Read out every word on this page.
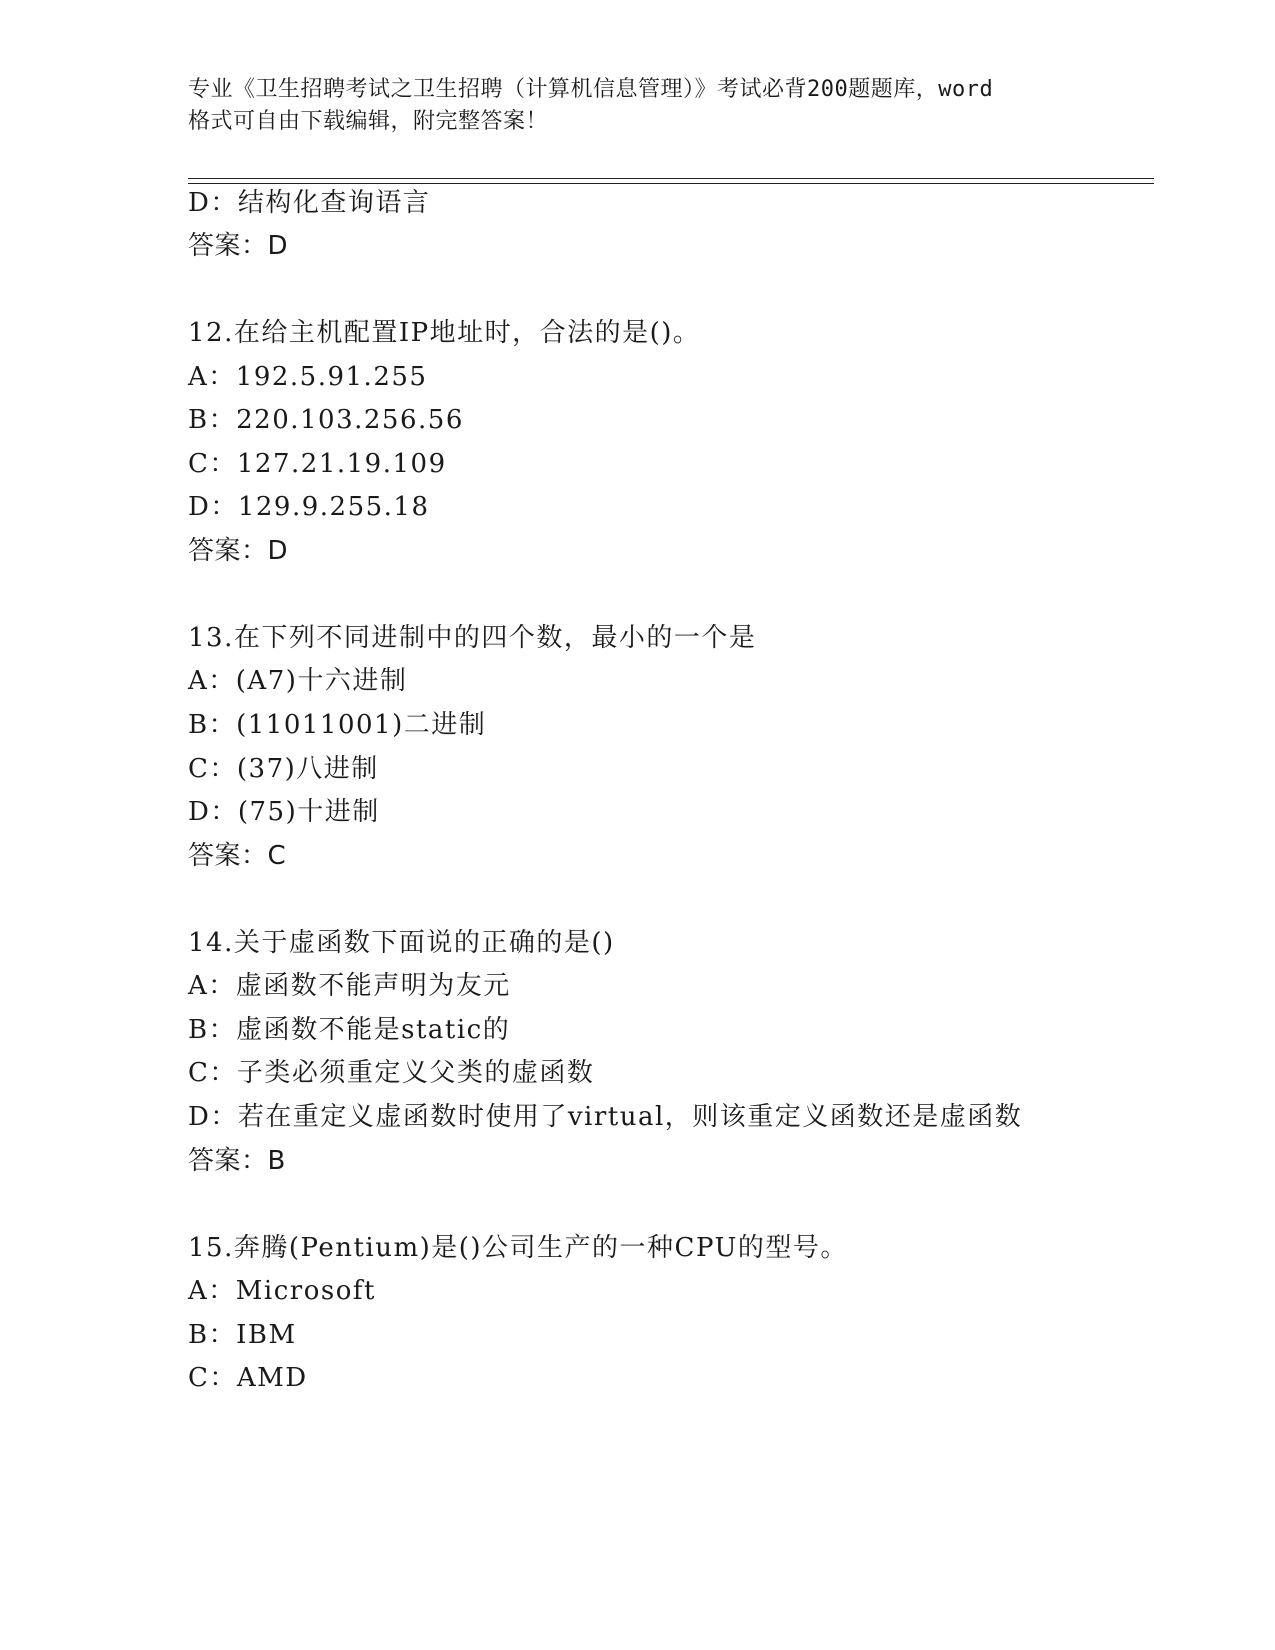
专业《卫生招聘考试之卫生招聘（计算机信息管理）》考试必背200题题库，word
格式可自由下载编辑，附完整答案！
D：结构化查询语言
答案：D
12.在给主机配置IP地址时，合法的是()。
A：192.5.91.255
B：220.103.256.56
C：127.21.19.109
D：129.9.255.18
答案：D
13.在下列不同进制中的四个数，最小的一个是
A：(A7)十六进制
B：(11011001)二进制
C：(37)八进制
D：(75)十进制
答案：C
14.关于虚函数下面说的正确的是()
A：虚函数不能声明为友元
B：虚函数不能是static的
C：子类必须重定义父类的虚函数
D：若在重定义虚函数时使用了virtual，则该重定义函数还是虚函数
答案：B
15.奔腾(Pentium)是()公司生产的一种CPU的型号。
A：Microsoft
B：IBM
C：AMD
